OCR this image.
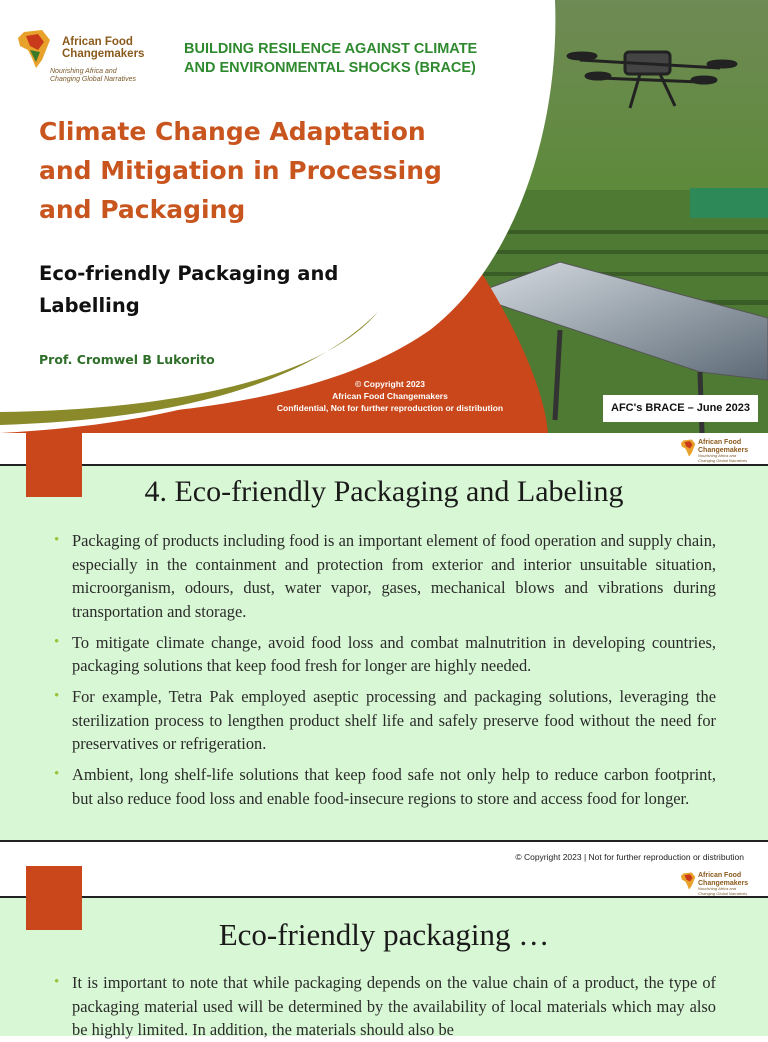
African Food
Changemakers
Nourishing Africa and
Changing Global Narratives
BUILDING RESILENCE AGAINST CLIMATE
AND ENVIRONMENTAL SHOCKS (BRACE)
Climate Change Adaptation
and Mitigation in Processing
and Packaging
Eco-friendly Packaging and
Labelling
Prof. Cromwel B Lukorito
© Copyright 2023
African Food Changemakers
Confidential, Not for further reproduction or distribution	AFC's BRACE – June 2023
African Food
Changemakers
Nourishing Africa and Changing Global Narratives
4. Eco-friendly Packaging and Labeling
• Packaging of products including food is an important element of food operation and supply chain, especially in the containment and protection from exterior and interior unsuitable situation, microorganism, odours, dust, water vapor, gases, mechanical blows and vibrations during transportation and storage.
• To mitigate climate change, avoid food loss and combat malnutrition in developing countries, packaging solutions that keep food fresh for longer are highly needed.
• For example, Tetra Pak employed aseptic processing and packaging solutions, leveraging the sterilization process to lengthen product shelf life and safely preserve food without the need for preservatives or refrigeration.
• Ambient, long shelf-life solutions that keep food safe not only help to reduce carbon footprint, but also reduce food loss and enable food-insecure regions to store and access food for longer.
© Copyright 2023 | Not for further reproduction or distribution
African Food
Changemakers
Nourishing Africa and Changing Global Narratives
Eco-friendly packaging …
• It is important to note that while packaging depends on the value chain of a product, the type of packaging material used will be determined by the availability of local materials which may also be highly limited. In addition, the materials should also be
